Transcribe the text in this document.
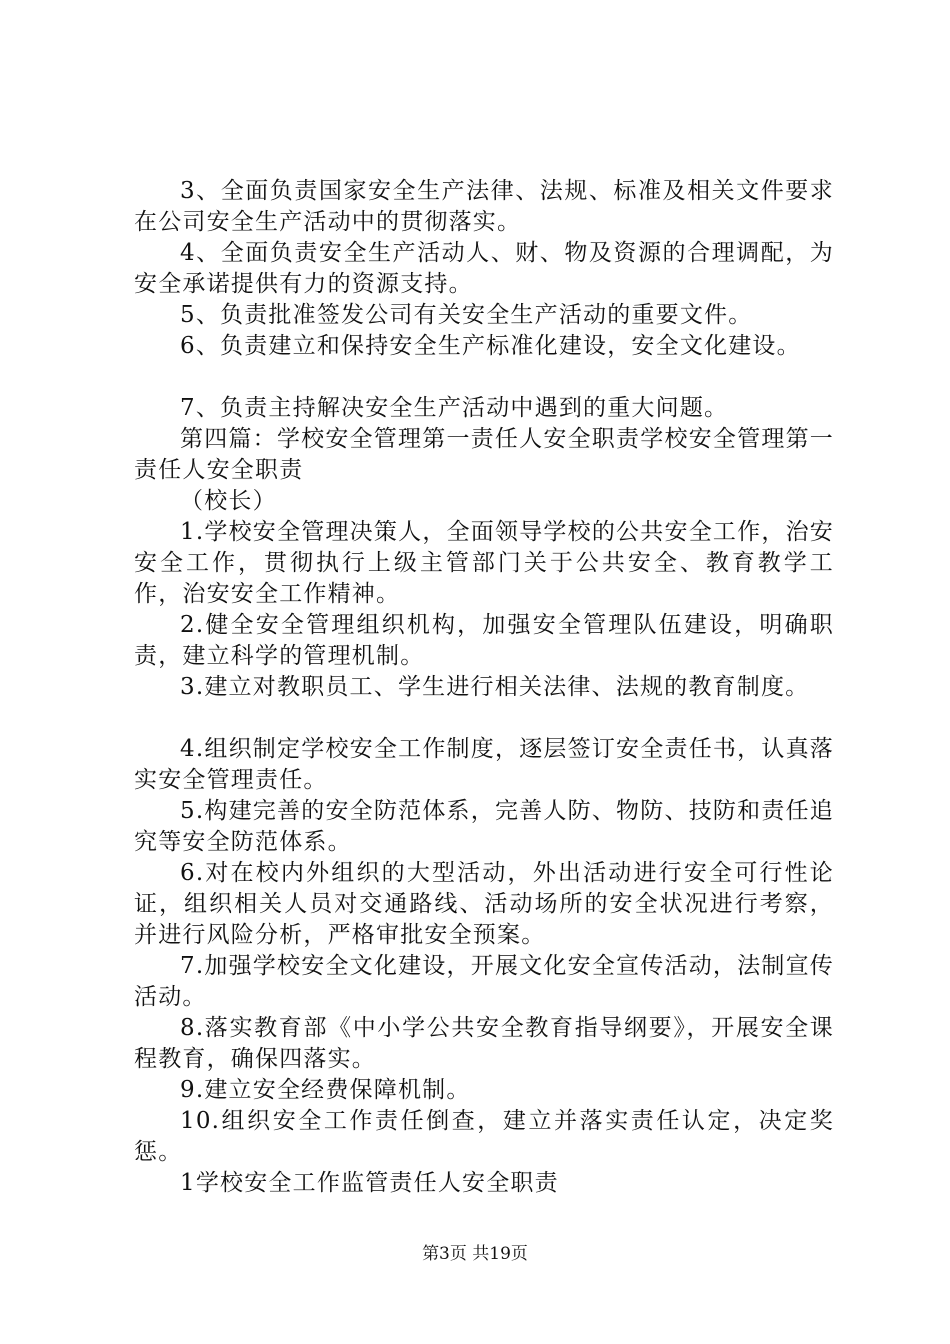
3、全面负责国家安全生产法律、法规、标准及相关文件要求在公司安全生产活动中的贯彻落实。

4、全面负责安全生产活动人、财、物及资源的合理调配，为安全承诺提供有力的资源支持。

5、负责批准签发公司有关安全生产活动的重要文件。

6、负责建立和保持安全生产标准化建设，安全文化建设。

7、负责主持解决安全生产活动中遇到的重大问题。

第四篇：学校安全管理第一责任人安全职责学校安全管理第一责任人安全职责

（校长）

1.学校安全管理决策人，全面领导学校的公共安全工作，治安安全工作，贯彻执行上级主管部门关于公共安全、教育教学工作，治安安全工作精神。

2.健全安全管理组织机构，加强安全管理队伍建设，明确职责，建立科学的管理机制。

3.建立对教职员工、学生进行相关法律、法规的教育制度。

4.组织制定学校安全工作制度，逐层签订安全责任书，认真落实安全管理责任。

5.构建完善的安全防范体系，完善人防、物防、技防和责任追究等安全防范体系。

6.对在校内外组织的大型活动，外出活动进行安全可行性论证，组织相关人员对交通路线、活动场所的安全状况进行考察，并进行风险分析，严格审批安全预案。

7.加强学校安全文化建设，开展文化安全宣传活动，法制宣传活动。

8.落实教育部《中小学公共安全教育指导纲要》，开展安全课程教育，确保四落实。

9.建立安全经费保障机制。

10.组织安全工作责任倒查，建立并落实责任认定，决定奖惩。

1学校安全工作监管责任人安全职责

第3页 共19页
